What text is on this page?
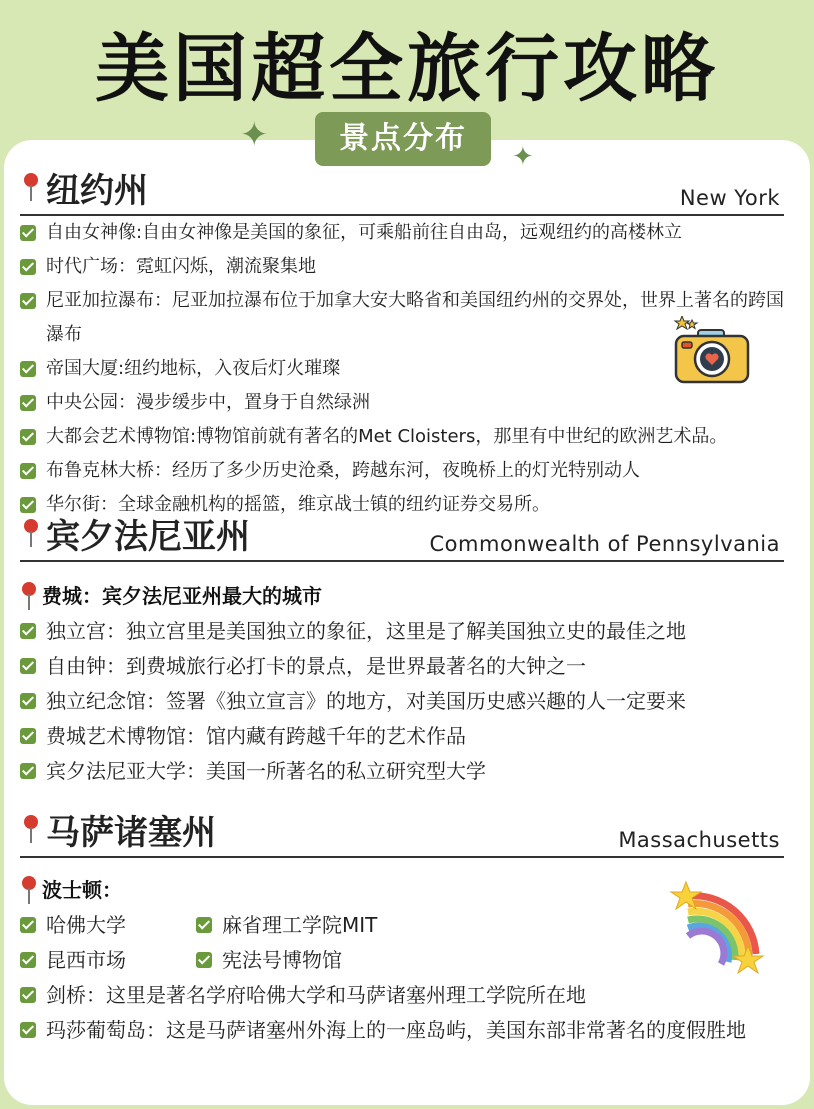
美国超全旅行攻略
✦
✦
景点分布
纽约州	New York
自由女神像:自由女神像是美国的象征，可乘船前往自由岛，远观纽约的高楼林立
时代广场：霓虹闪烁，潮流聚集地
尼亚加拉瀑布：尼亚加拉瀑布位于加拿大安大略省和美国纽约州的交界处，世界上著名的跨国瀑布
帝国大厦:纽约地标，入夜后灯火璀璨
中央公园：漫步缓步中，置身于自然绿洲
大都会艺术博物馆:博物馆前就有著名的Met Cloisters，那里有中世纪的欧洲艺术品。
布鲁克林大桥：经历了多少历史沧桑，跨越东河，夜晚桥上的灯光特别动人
华尔街：全球金融机构的摇篮，维京战士镇的纽约证券交易所。
宾夕法尼亚州	Commonwealth of Pennsylvania
费城：宾夕法尼亚州最大的城市
独立宫：独立宫里是美国独立的象征，这里是了解美国独立史的最佳之地
自由钟：到费城旅行必打卡的景点，是世界最著名的大钟之一
独立纪念馆：签署《独立宣言》的地方，对美国历史感兴趣的人一定要来
费城艺术博物馆：馆内藏有跨越千年的艺术作品
宾夕法尼亚大学：美国一所著名的私立研究型大学
马萨诸塞州	Massachusetts
波士顿：
哈佛大学	麻省理工学院MIT
昆西市场	宪法号博物馆
剑桥：这里是著名学府哈佛大学和马萨诸塞州理工学院所在地
玛莎葡萄岛：这是马萨诸塞州外海上的一座岛屿，美国东部非常著名的度假胜地
